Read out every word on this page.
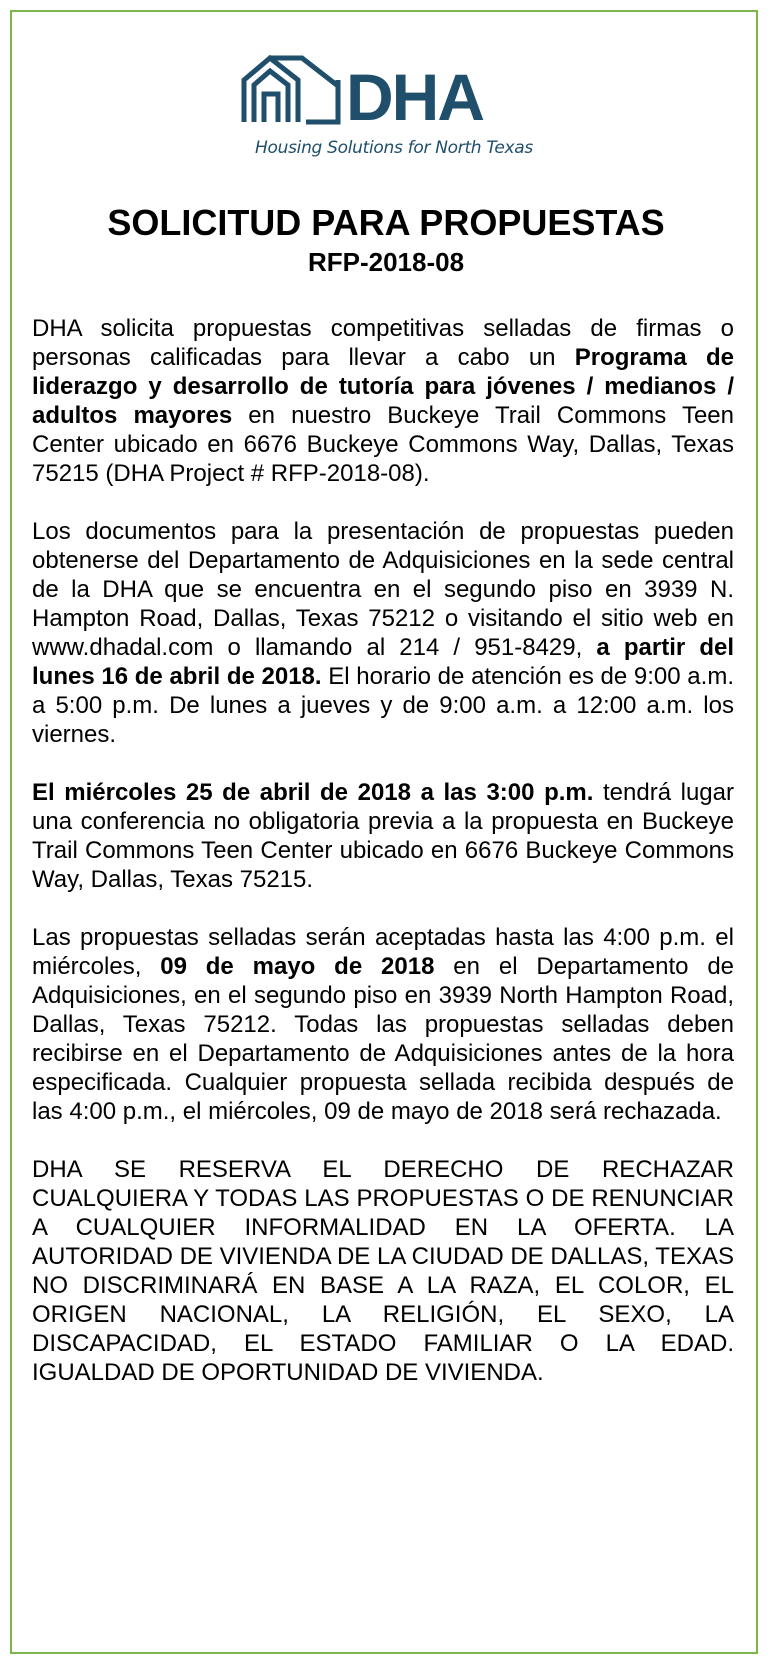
DHA
Housing Solutions for North Texas
SOLICITUD PARA PROPUESTAS
RFP-2018-08

DHA solicita propuestas competitivas selladas de firmas o personas calificadas para llevar a cabo un Programa de liderazgo y desarrollo de tutoría para jóvenes / medianos / adultos mayores en nuestro Buckeye Trail Commons Teen Center ubicado en 6676 Buckeye Commons Way, Dallas, Texas 75215 (DHA Project # RFP-2018-08).

Los documentos para la presentación de propuestas pueden obtenerse del Departamento de Adquisiciones en la sede central de la DHA que se encuentra en el segundo piso en 3939 N. Hampton Road, Dallas, Texas 75212 o visitando el sitio web en www.dhadal.com o llamando al 214 / 951-8429, a partir del lunes 16 de abril de 2018. El horario de atención es de 9:00 a.m. a 5:00 p.m. De lunes a jueves y de 9:00 a.m. a 12:00 a.m. los viernes.

El miércoles 25 de abril de 2018 a las 3:00 p.m. tendrá lugar una conferencia no obligatoria previa a la propuesta en Buckeye Trail Commons Teen Center ubicado en 6676 Buckeye Commons Way, Dallas, Texas 75215.

Las propuestas selladas serán aceptadas hasta las 4:00 p.m. el miércoles, 09 de mayo de 2018 en el Departamento de Adquisiciones, en el segundo piso en 3939 North Hampton Road, Dallas, Texas 75212. Todas las propuestas selladas deben recibirse en el Departamento de Adquisiciones antes de la hora especificada. Cualquier propuesta sellada recibida después de las 4:00 p.m., el miércoles, 09 de mayo de 2018 será rechazada.

DHA SE RESERVA EL DERECHO DE RECHAZAR CUALQUIERA Y TODAS LAS PROPUESTAS O DE RENUNCIAR A CUALQUIER INFORMALIDAD EN LA OFERTA. LA AUTORIDAD DE VIVIENDA DE LA CIUDAD DE DALLAS, TEXAS NO DISCRIMINARÁ EN BASE A LA RAZA, EL COLOR, EL ORIGEN NACIONAL, LA RELIGIÓN, EL SEXO, LA DISCAPACIDAD, EL ESTADO FAMILIAR O LA EDAD. IGUALDAD DE OPORTUNIDAD DE VIVIENDA.
